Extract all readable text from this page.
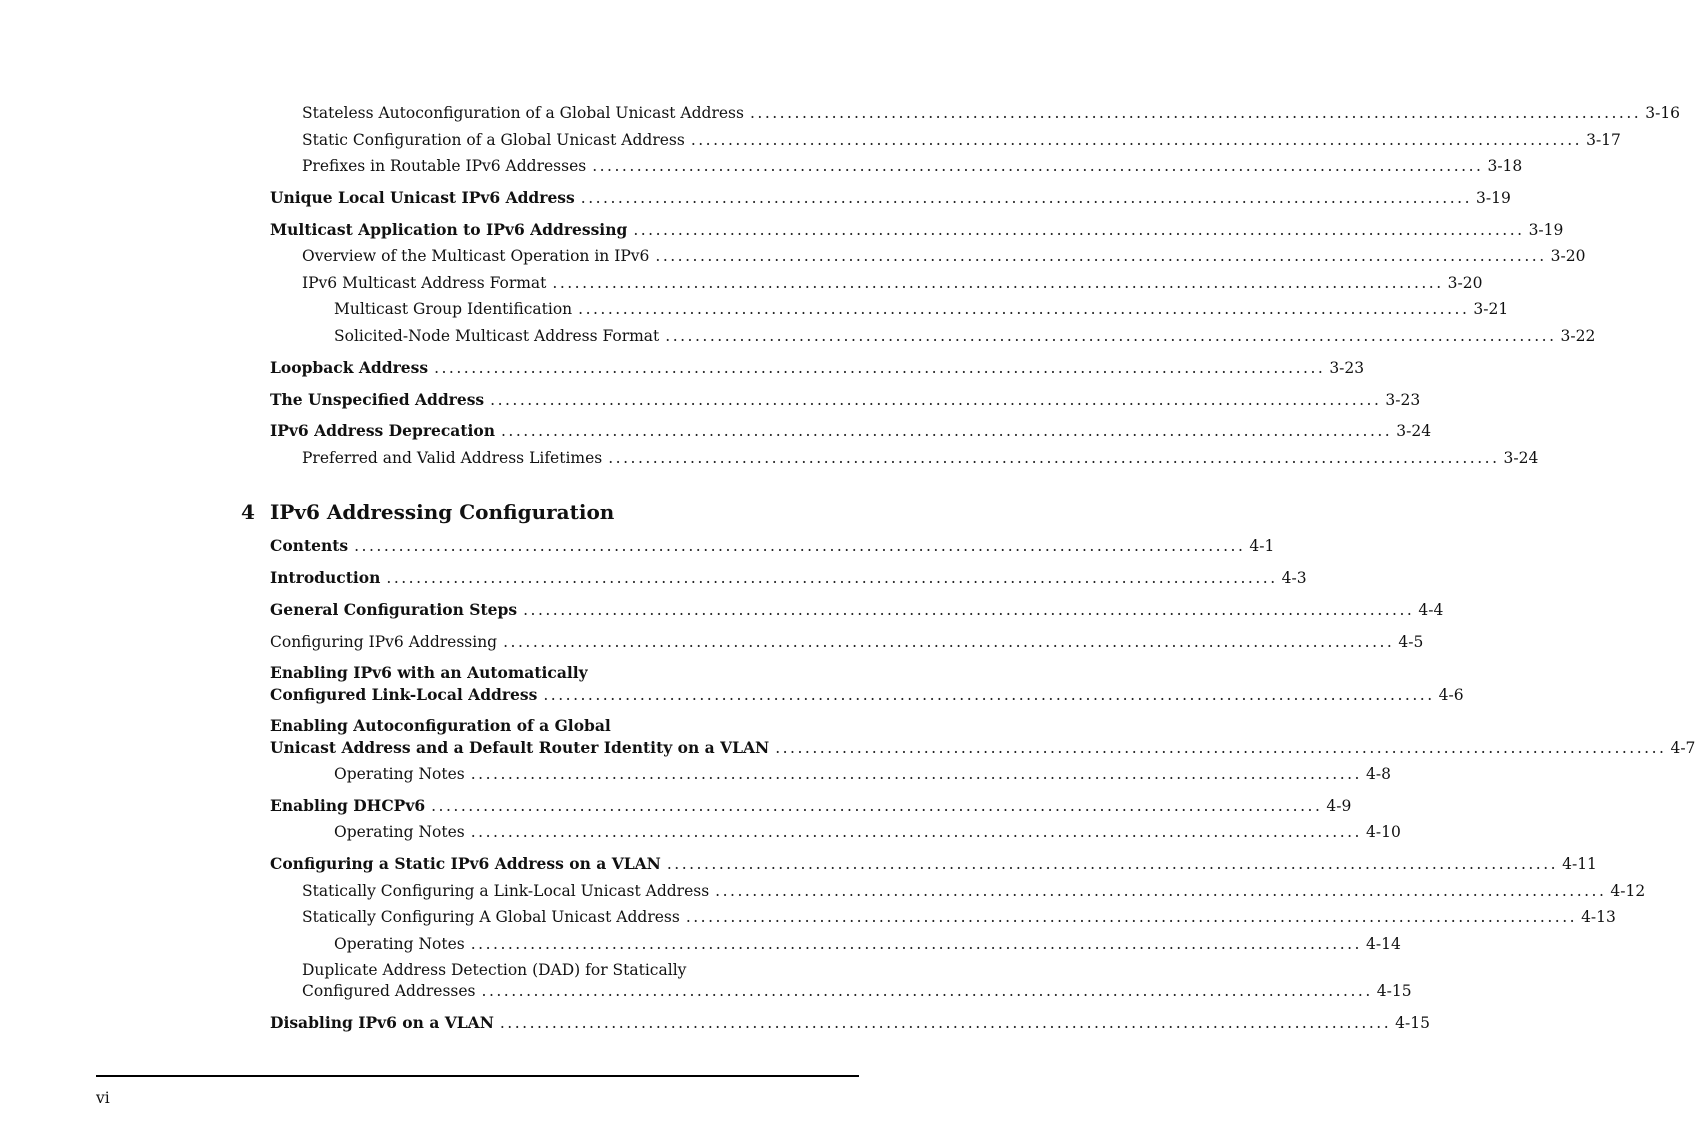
Stateless Autoconfiguration of a Global Unicast Address ........................................................................................................................ 3-16
Static Configuration of a Global Unicast Address ........................................................................................................................ 3-17
Prefixes in Routable IPv6 Addresses ........................................................................................................................ 3-18
Unique Local Unicast IPv6 Address ........................................................................................................................ 3-19
Multicast Application to IPv6 Addressing ........................................................................................................................ 3-19
Overview of the Multicast Operation in IPv6 ........................................................................................................................ 3-20
IPv6 Multicast Address Format ........................................................................................................................ 3-20
Multicast Group Identification ........................................................................................................................ 3-21
Solicited-Node Multicast Address Format ........................................................................................................................ 3-22
Loopback Address ........................................................................................................................ 3-23
The Unspecified Address ........................................................................................................................ 3-23
IPv6 Address Deprecation ........................................................................................................................ 3-24
Preferred and Valid Address Lifetimes ........................................................................................................................ 3-24
Contents ........................................................................................................................ 4-1
Introduction ........................................................................................................................ 4-3
General Configuration Steps ........................................................................................................................ 4-4
Configuring IPv6 Addressing ........................................................................................................................ 4-5
Enabling IPv6 with an Automatically
Configured Link-Local Address ........................................................................................................................ 4-6
Enabling Autoconfiguration of a Global
Unicast Address and a Default Router Identity on a VLAN ........................................................................................................................ 4-7
Operating Notes ........................................................................................................................ 4-8
Enabling DHCPv6 ........................................................................................................................ 4-9
Operating Notes ........................................................................................................................ 4-10
Configuring a Static IPv6 Address on a VLAN ........................................................................................................................ 4-11
Statically Configuring a Link-Local Unicast Address ........................................................................................................................ 4-12
Statically Configuring A Global Unicast Address ........................................................................................................................ 4-13
Operating Notes ........................................................................................................................ 4-14
Duplicate Address Detection (DAD) for Statically
Configured Addresses ........................................................................................................................ 4-15
Disabling IPv6 on a VLAN ........................................................................................................................ 4-15
4 IPv6 Addressing Configuration
vi
